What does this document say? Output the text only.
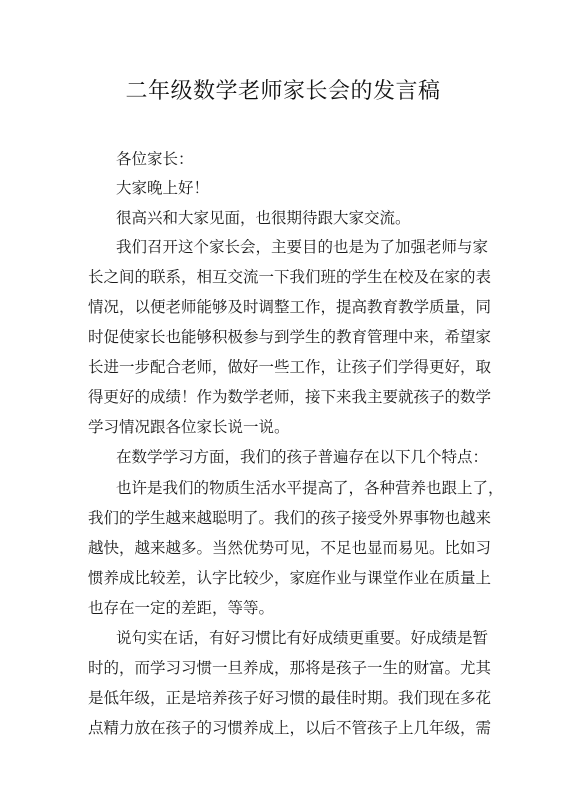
二年级数学老师家长会的发言稿
各位家长：
大家晚上好！
很高兴和大家见面，也很期待跟大家交流。
我们召开这个家长会，主要目的也是为了加强老师与家
长之间的联系，相互交流一下我们班的学生在校及在家的表
情况，以便老师能够及时调整工作，提高教育教学质量，同
时促使家长也能够积极参与到学生的教育管理中来，希望家
长进一步配合老师，做好一些工作，让孩子们学得更好，取
得更好的成绩！作为数学老师，接下来我主要就孩子的数学
学习情况跟各位家长说一说。
在数学学习方面，我们的孩子普遍存在以下几个特点：
也许是我们的物质生活水平提高了，各种营养也跟上了，
我们的学生越来越聪明了。我们的孩子接受外界事物也越来
越快，越来越多。当然优势可见，不足也显而易见。比如习
惯养成比较差，认字比较少，家庭作业与课堂作业在质量上
也存在一定的差距，等等。
说句实在话，有好习惯比有好成绩更重要。好成绩是暂
时的，而学习习惯一旦养成，那将是孩子一生的财富。尤其
是低年级，正是培养孩子好习惯的最佳时期。我们现在多花
点精力放在孩子的习惯养成上，以后不管孩子上几年级，需
